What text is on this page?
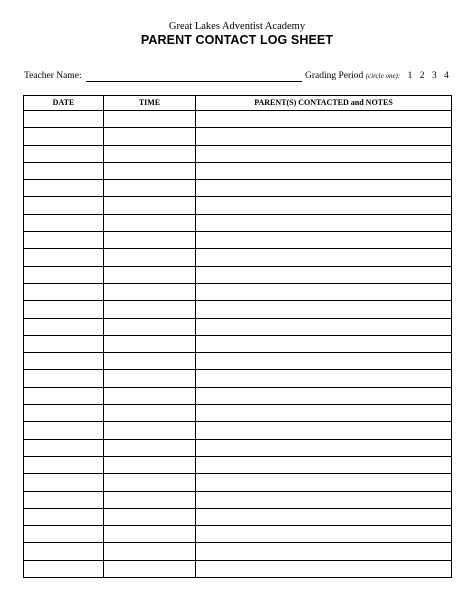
Great Lakes Adventist Academy
PARENT CONTACT LOG SHEET
Teacher Name:	Grading Period (circle one): 1 2 3 4
DATE	TIME	PARENT(S) CONTACTED and NOTES
